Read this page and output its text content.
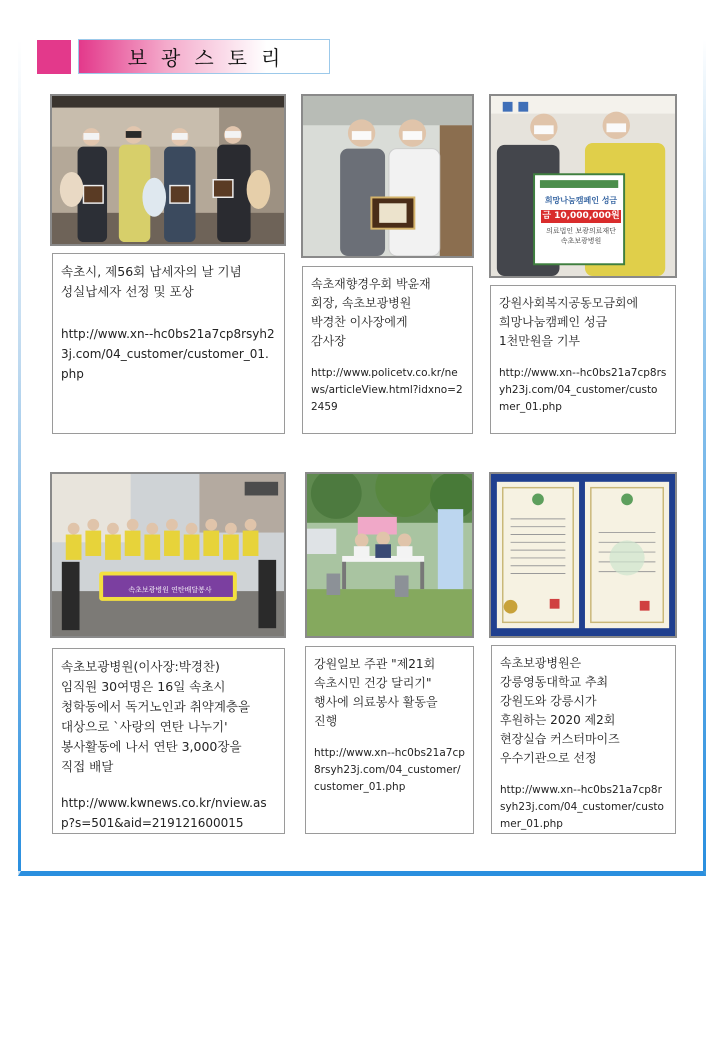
보광스토리
희망나눔캠페인 성금
금 10,000,000원
의료법인 보광의료재단
속초보광병원
속초시, 제56회 납세자의 날 기념
성실납세자 선정 및 포상
http://www.xn--hc0bs21a7cp8rsyh23j.com/04_customer/customer_01.php
속초재향경우회 박윤재
회장, 속초보광병원
박경찬 이사장에게
감사장
http://www.policetv.co.kr/news/articleView.html?idxno=22459
강원사회복지공동모금회에
희망나눔캠페인 성금
1천만원을 기부
http://www.xn--hc0bs21a7cp8rsyh23j.com/04_customer/customer_01.php
속초보광병원 연탄배달봉사
속초보광병원(이사장:박경찬)
임직원 30여명은 16일 속초시
청학동에서 독거노인과 취약계층을
대상으로 `사랑의 연탄 나누기'
봉사활동에 나서 연탄 3,000장을
직접 배달
http://www.kwnews.co.kr/nview.asp?s=501&aid=219121600015
강원일보 주관 "제21회
속초시민 건강 달리기"
행사에 의료봉사 활동을
진행
http://www.xn--hc0bs21a7cp8rsyh23j.com/04_customer/customer_01.php
속초보광병원은
강릉영동대학교 추최
강원도와 강릉시가
후원하는 2020 제2회
현장실습 커스터마이즈
우수기관으로 선정
http://www.xn--hc0bs21a7cp8rsyh23j.com/04_customer/customer_01.php
